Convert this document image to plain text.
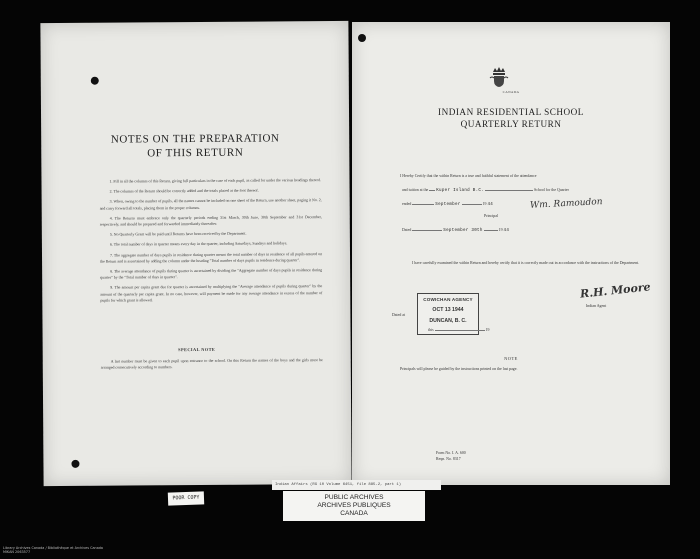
NOTES ON THE PREPARATION
OF THIS RETURN

1. Fill in all the columns of this Return, giving full particulars in the case of each pupil, as called for under the various headings thereof.

2. The columns of the Return should be correctly added and the totals placed at the foot thereof.

3. When, owing to the number of pupils, all the names cannot be included on one sheet of the Return, use another sheet, paging it No. 2, and carry forward all totals, placing them in the proper columns.

4. The Returns must embrace only the quarterly periods ending 31st March, 30th June, 30th September and 31st December, respectively, and should be prepared and forwarded immediately thereafter.

5. No Quarterly Grant will be paid until Returns have been received by the Department.

6. The total number of days in quarter means every day in the quarter, including Saturdays, Sundays and holidays.

7. The aggregate number of days pupils in residence during quarter means the total number of days in residence of all pupils entered on the Return and is ascertained by adding the column under the heading "Total number of days pupils in residence during quarter".

8. The average attendance of pupils during quarter is ascertained by dividing the "Aggregate number of days pupils in residence during quarter" by the "Total number of days in quarter".

9. The amount per capita grant due for quarter is ascertained by multiplying the "Average attendance of pupils during quarter" by the amount of the quarterly per capita grant. In no case, however, will payment be made for any average attendance in excess of the number of pupils for which grant is allowed.

SPECIAL NOTE
A last number must be given to each pupil upon entrance to the school. On this Return the names of the boys and the girls must be arranged consecutively according to numbers.
CANADA
INDIAN RESIDENTIAL SCHOOL
QUARTERLY RETURN
I Hereby Certify that the within Return is a true and faithful statement of the attendance
and tuition at the Kuper Island B.C.	School for the Quarter
ended	September	19 44	Wm. Ramoudon
Principal
Dated	September 30th	19 44
I have carefully examined the within Return and hereby certify that it is correctly made out in accordance with the instructions of the Department.
R.H. Moore
Indian Agent
COWICHAN AGENCY
OCT 13 1944
DUNCAN, B. C.
Dated at
this	19
NOTE
Principals will please be guided by the instructions printed on the last page.
Form No. I. A. 600
Reqn. No. 8317
Indian Affairs (RG 10 Volume 6451, file 885-2, part 1)
PUBLIC ARCHIVES
ARCHIVES PUBLIQUES
CANADA
POOR COPY
Library Archives Canada / Bibliothèque et Archives Canada
MIKAN 2063577
